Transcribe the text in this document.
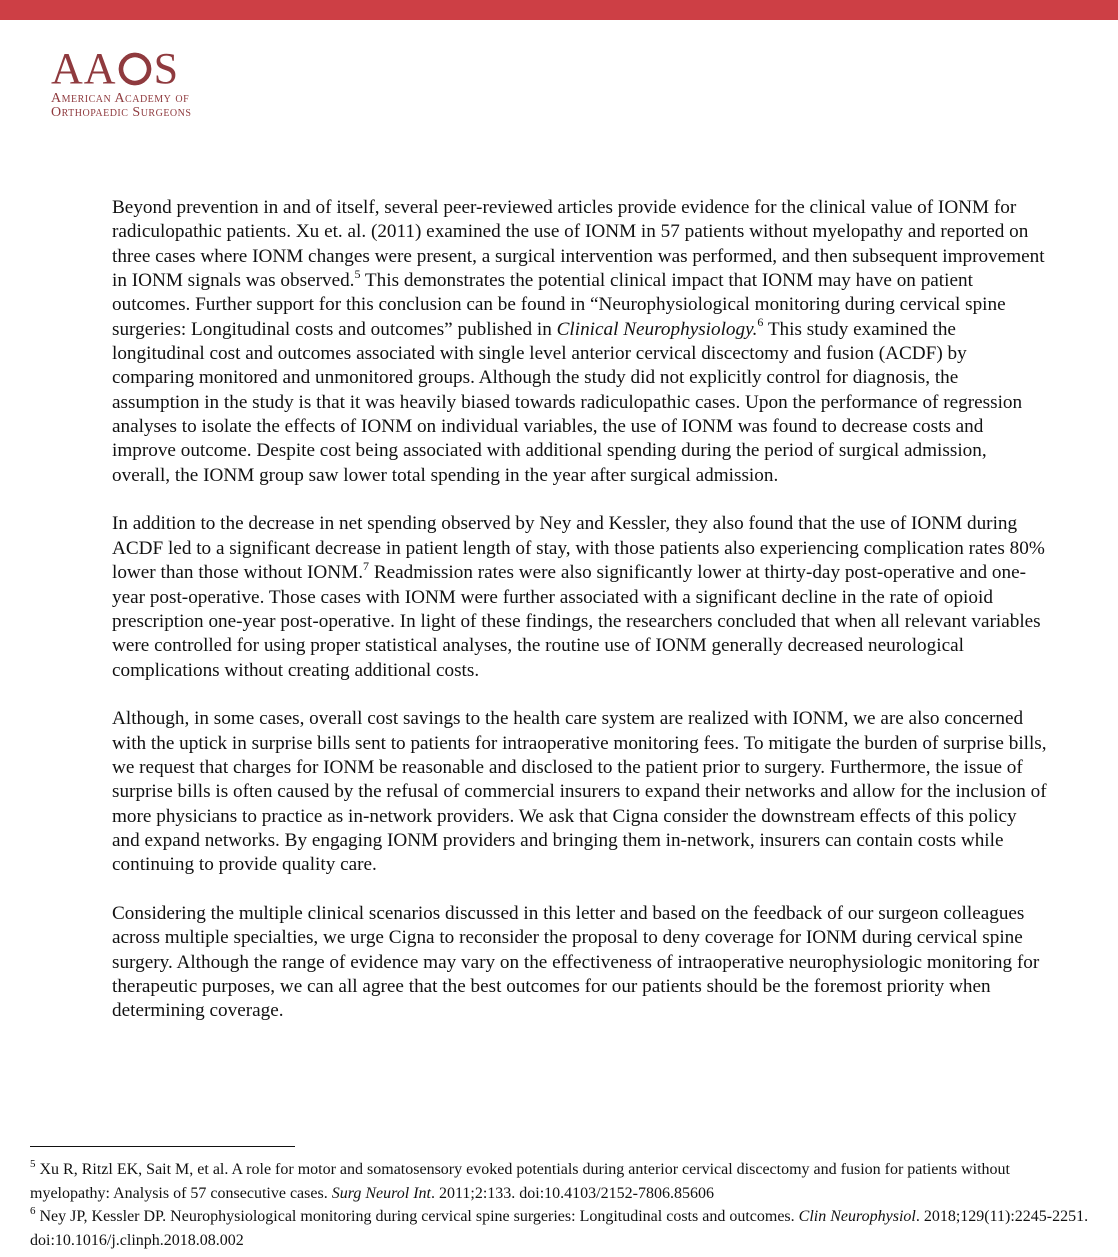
AA S
American Academy of
Orthopaedic Surgeons

Beyond prevention in and of itself, several peer-reviewed articles provide evidence for the clinical value of IONM for radiculopathic patients. Xu et. al. (2011) examined the use of IONM in 57 patients without myelopathy and reported on three cases where IONM changes were present, a surgical intervention was performed, and then subsequent improvement in IONM signals was observed.$^5$ This demonstrates the potential clinical impact that IONM may have on patient outcomes. Further support for this conclusion can be found in “Neurophysiological monitoring during cervical spine surgeries: Longitudinal costs and outcomes” published in Clinical Neurophysiology.$^6$ This study examined the longitudinal cost and outcomes associated with single level anterior cervical discectomy and fusion (ACDF) by comparing monitored and unmonitored groups. Although the study did not explicitly control for diagnosis, the assumption in the study is that it was heavily biased towards radiculopathic cases. Upon the performance of regression analyses to isolate the effects of IONM on individual variables, the use of IONM was found to decrease costs and improve outcome. Despite cost being associated with additional spending during the period of surgical admission, overall, the IONM group saw lower total spending in the year after surgical admission.

In addition to the decrease in net spending observed by Ney and Kessler, they also found that the use of IONM during ACDF led to a significant decrease in patient length of stay, with those patients also experiencing complication rates 80% lower than those without IONM.$^7$ Readmission rates were also significantly lower at thirty-day post-operative and one-year post-operative. Those cases with IONM were further associated with a significant decline in the rate of opioid prescription one-year post-operative. In light of these findings, the researchers concluded that when all relevant variables were controlled for using proper statistical analyses, the routine use of IONM generally decreased neurological complications without creating additional costs.

Although, in some cases, overall cost savings to the health care system are realized with IONM, we are also concerned with the uptick in surprise bills sent to patients for intraoperative monitoring fees. To mitigate the burden of surprise bills, we request that charges for IONM be reasonable and disclosed to the patient prior to surgery. Furthermore, the issue of surprise bills is often caused by the refusal of commercial insurers to expand their networks and allow for the inclusion of more physicians to practice as in-network providers. We ask that Cigna consider the downstream effects of this policy and expand networks. By engaging IONM providers and bringing them in-network, insurers can contain costs while continuing to provide quality care.

Considering the multiple clinical scenarios discussed in this letter and based on the feedback of our surgeon colleagues across multiple specialties, we urge Cigna to reconsider the proposal to deny coverage for IONM during cervical spine surgery. Although the range of evidence may vary on the effectiveness of intraoperative neurophysiologic monitoring for therapeutic purposes, we can all agree that the best outcomes for our patients should be the foremost priority when determining coverage.

$^5$ Xu R, Ritzl EK, Sait M, et al. A role for motor and somatosensory evoked potentials during anterior cervical discectomy and fusion for patients without myelopathy: Analysis of 57 consecutive cases. Surg Neurol Int. 2011;2:133. doi:10.4103/2152-7806.85606

$^6$ Ney JP, Kessler DP. Neurophysiological monitoring during cervical spine surgeries: Longitudinal costs and outcomes. Clin Neurophysiol. 2018;129(11):2245-2251. doi:10.1016/j.clinph.2018.08.002
